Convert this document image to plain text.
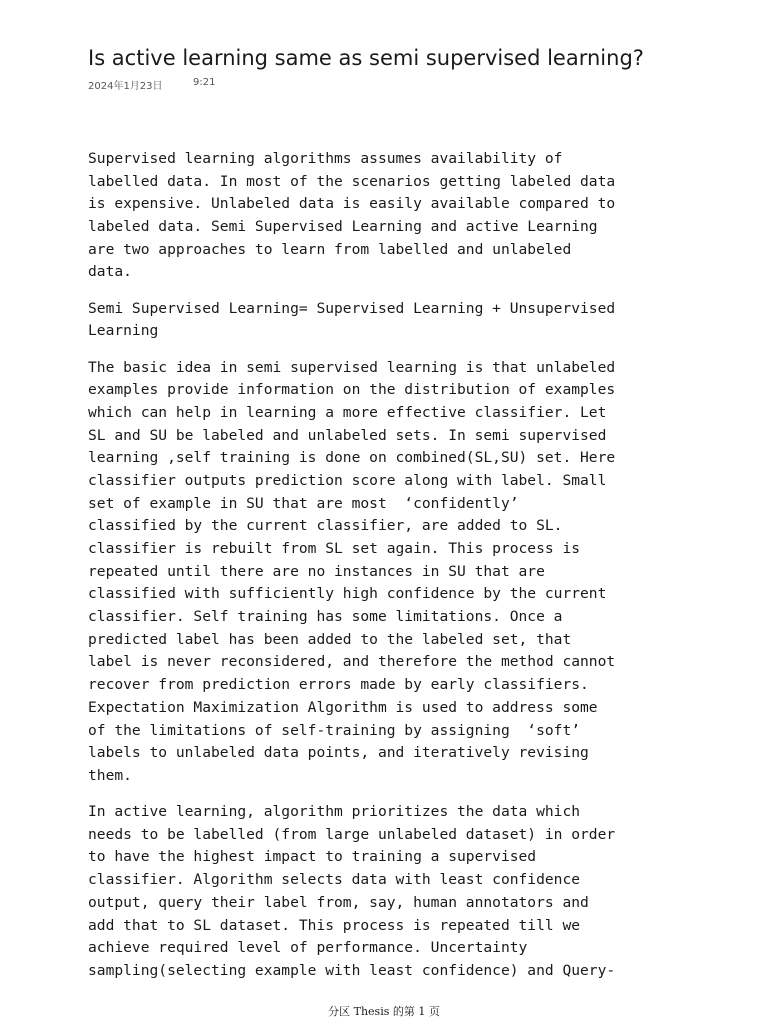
Is active learning same as semi supervised learning?
2024年1月23日	9:21

Supervised learning algorithms assumes availability of
labelled data. In most of the scenarios getting labeled data
is expensive. Unlabeled data is easily available compared to
labeled data. Semi Supervised Learning and active Learning
are two approaches to learn from labelled and unlabeled
data.

Semi Supervised Learning= Supervised Learning + Unsupervised
Learning

The basic idea in semi supervised learning is that unlabeled
examples provide information on the distribution of examples
which can help in learning a more effective classifier. Let
SL and SU be labeled and unlabeled sets. In semi supervised
learning ,self training is done on combined(SL,SU) set. Here
classifier outputs prediction score along with label. Small
set of example in SU that are most  ‘confidently’
classified by the current classifier, are added to SL.
classifier is rebuilt from SL set again. This process is
repeated until there are no instances in SU that are
classified with sufficiently high confidence by the current
classifier. Self training has some limitations. Once a
predicted label has been added to the labeled set, that
label is never reconsidered, and therefore the method cannot
recover from prediction errors made by early classifiers.
Expectation Maximization Algorithm is used to address some
of the limitations of self-training by assigning  ‘soft’
labels to unlabeled data points, and iteratively revising
them.

In active learning, algorithm prioritizes the data which
needs to be labelled (from large unlabeled dataset) in order
to have the highest impact to training a supervised
classifier. Algorithm selects data with least confidence
output, query their label from, say, human annotators and
add that to SL dataset. This process is repeated till we
achieve required level of performance. Uncertainty
sampling(selecting example with least confidence) and Query-

分区 Thesis 的第 1 页
